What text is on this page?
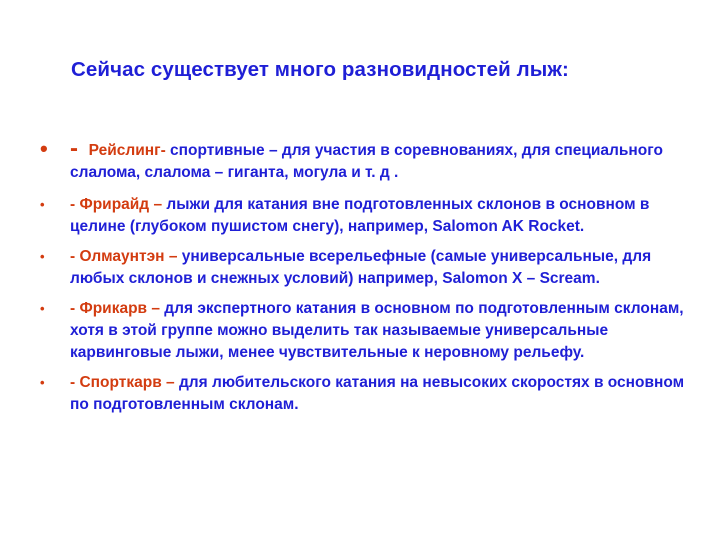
Сейчас существует много разновидностей лыж:
• - Рейслинг- спортивные – для участия в соревнованиях, для специального слалома, слалома – гиганта, могула и т. д .
• - Фрирайд – лыжи для катания вне подготовленных склонов в основном в целине (глубоком пушистом снегу), например, Salomon AK Rocket.
• - Олмаунтэн – универсальные всерельефные (самые универсальные, для любых склонов и снежных условий) например, Salomon X – Scream.
• - Фрикарв – для экспертного катания в основном по подготовленным склонам, хотя в этой группе можно выделить так называемые универсальные карвинговые лыжи, менее чувствительные к неровному рельефу.
• - Спорткарв – для любительского катания на невысоких скоростях в основном по подготовленным склонам.
